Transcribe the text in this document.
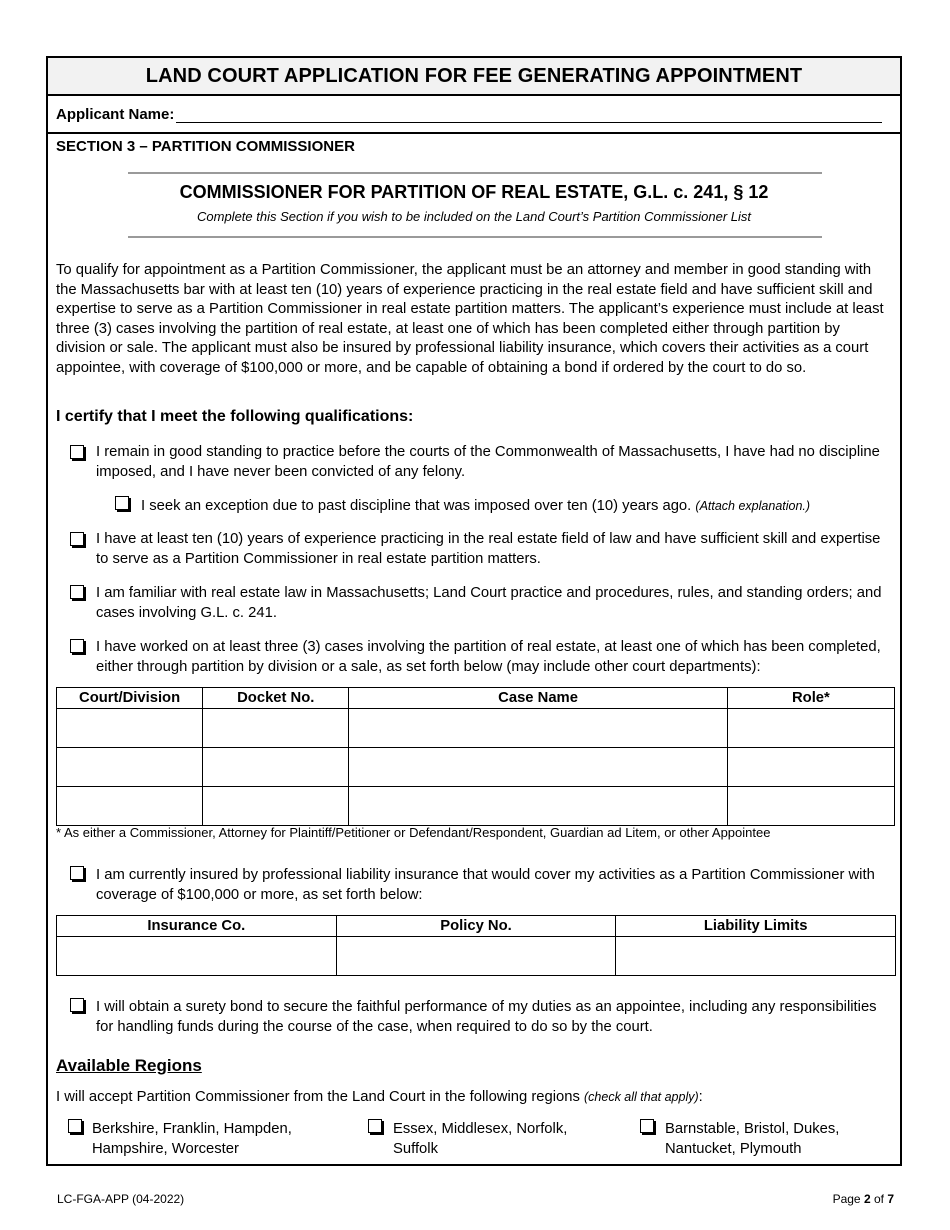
LAND COURT APPLICATION FOR FEE GENERATING APPOINTMENT
Applicant Name:
SECTION 3 – PARTITION COMMISSIONER
COMMISSIONER FOR PARTITION OF REAL ESTATE, G.L. c. 241, § 12
Complete this Section if you wish to be included on the Land Court’s Partition Commissioner List
To qualify for appointment as a Partition Commissioner, the applicant must be an attorney and member in good standing with the Massachusetts bar with at least ten (10) years of experience practicing in the real estate field and have sufficient skill and expertise to serve as a Partition Commissioner in real estate partition matters. The applicant’s experience must include at least three (3) cases involving the partition of real estate, at least one of which has been completed either through partition by division or sale. The applicant must also be insured by professional liability insurance, which covers their activities as a court appointee, with coverage of $100,000 or more, and be capable of obtaining a bond if ordered by the court to do so.
I certify that I meet the following qualifications:
I remain in good standing to practice before the courts of the Commonwealth of Massachusetts, I have had no discipline imposed, and I have never been convicted of any felony.
I seek an exception due to past discipline that was imposed over ten (10) years ago. (Attach explanation.)
I have at least ten (10) years of experience practicing in the real estate field of law and have sufficient skill and expertise to serve as a Partition Commissioner in real estate partition matters.
I am familiar with real estate law in Massachusetts; Land Court practice and procedures, rules, and standing orders; and cases involving G.L. c. 241.
I have worked on at least three (3) cases involving the partition of real estate, at least one of which has been completed, either through partition by division or a sale, as set forth below (may include other court departments):
Court/Division	Docket No.	Case Name	Role*

* As either a Commissioner, Attorney for Plaintiff/Petitioner or Defendant/Respondent, Guardian ad Litem, or other Appointee
I am currently insured by professional liability insurance that would cover my activities as a Partition Commissioner with coverage of $100,000 or more, as set forth below:
Insurance Co.	Policy No.	Liability Limits

I will obtain a surety bond to secure the faithful performance of my duties as an appointee, including any responsibilities for handling funds during the course of the case, when required to do so by the court.
Available Regions
I will accept Partition Commissioner from the Land Court in the following regions (check all that apply):
Berkshire, Franklin, Hampden, Hampshire, Worcester
Essex, Middlesex, Norfolk, Suffolk
Barnstable, Bristol, Dukes, Nantucket, Plymouth
LC-FGA-APP (04-2022)	Page 2 of 7
